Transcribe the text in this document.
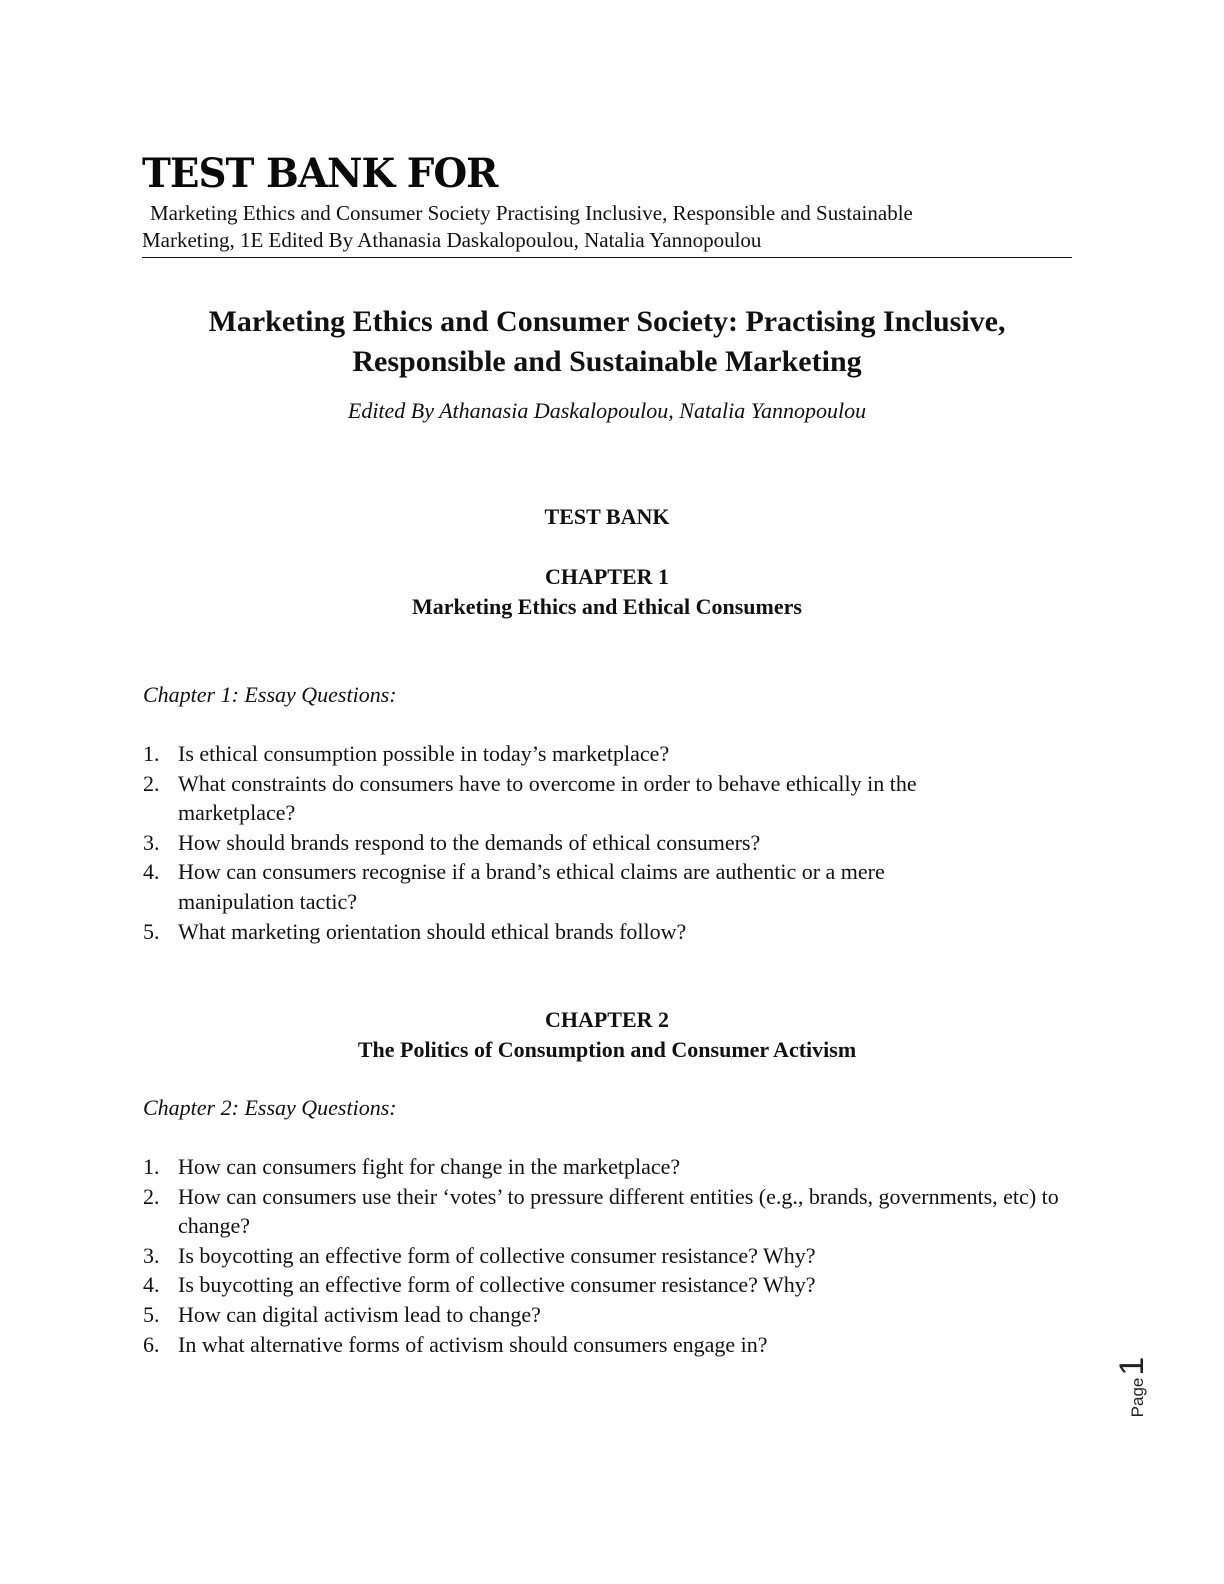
TEST BANK FOR

Marketing Ethics and Consumer Society Practising Inclusive, Responsible and Sustainable
Marketing, 1E Edited By Athanasia Daskalopoulou, Natalia Yannopoulou

Marketing Ethics and Consumer Society: Practising Inclusive,
Responsible and Sustainable Marketing

Edited By Athanasia Daskalopoulou, Natalia Yannopoulou

TEST BANK

CHAPTER 1

Marketing Ethics and Ethical Consumers

Chapter 1: Essay Questions:

1. Is ethical consumption possible in today’s marketplace?
2. What constraints do consumers have to overcome in order to behave ethically in the marketplace?
3. How should brands respond to the demands of ethical consumers?
4. How can consumers recognise if a brand’s ethical claims are authentic or a mere manipulation tactic?
5. What marketing orientation should ethical brands follow?

CHAPTER 2

The Politics of Consumption and Consumer Activism

Chapter 2: Essay Questions:

1. How can consumers fight for change in the marketplace?
2. How can consumers use their ‘votes’ to pressure different entities (e.g., brands, governments, etc) to change?
3. Is boycotting an effective form of collective consumer resistance? Why?
4. Is buycotting an effective form of collective consumer resistance? Why?
5. How can digital activism lead to change?
6. In what alternative forms of activism should consumers engage in?
Page
1
